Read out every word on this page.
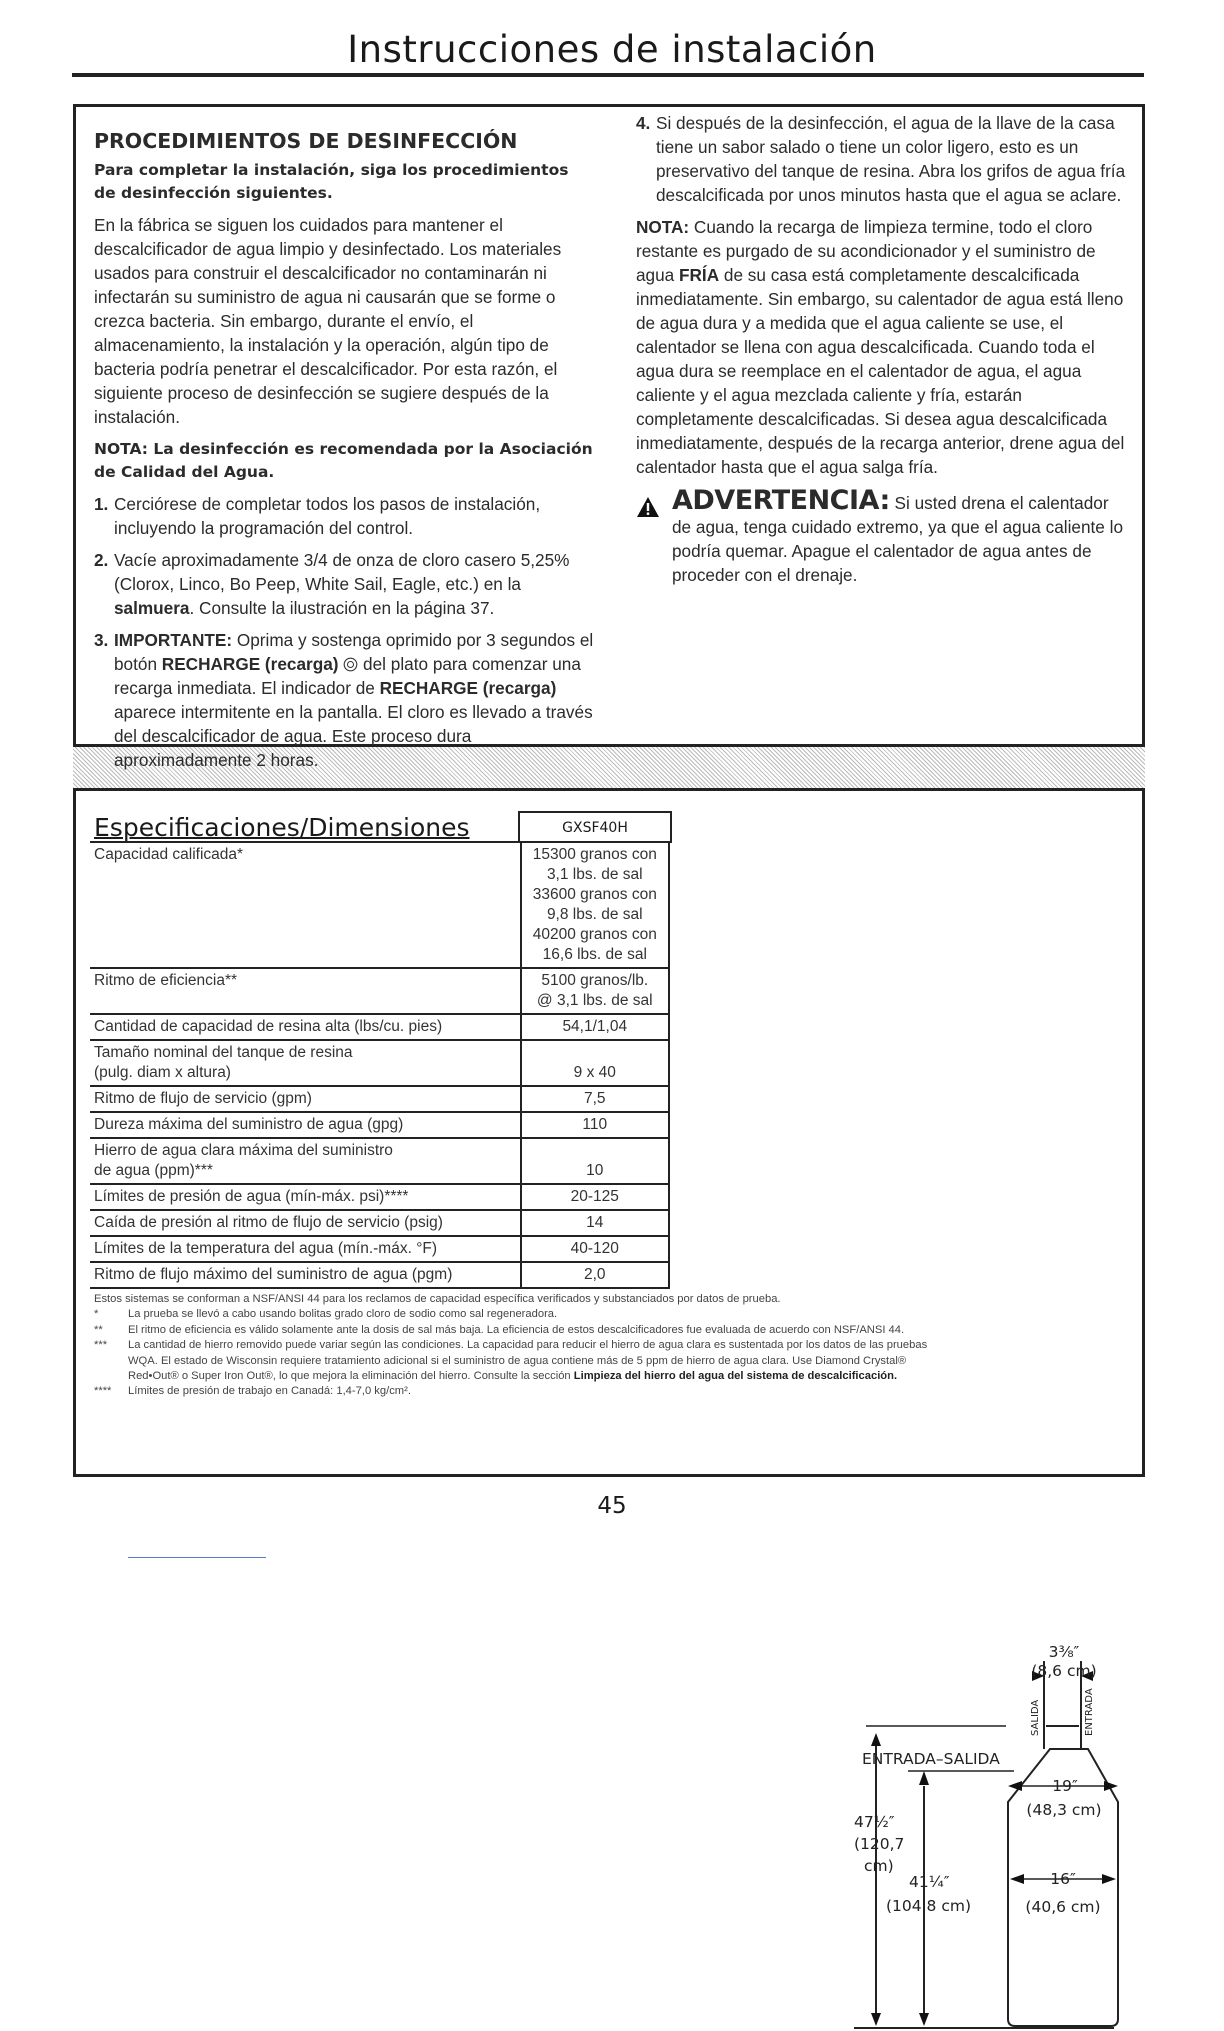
Instrucciones de instalación
PROCEDIMIENTOS DE DESINFECCIÓN
Para completar la instalación, siga los procedimientos de desinfección siguientes.

En la fábrica se siguen los cuidados para mantener el descalcificador de agua limpio y desinfectado. Los materiales usados para construir el descalcificador no contaminarán ni infectarán su suministro de agua ni causarán que se forme o crezca bacteria. Sin embargo, durante el envío, el almacenamiento, la instalación y la operación, algún tipo de bacteria podría penetrar el descalcificador. Por esta razón, el siguiente proceso de desinfección se sugiere después de la instalación.

NOTA: La desinfección es recomendada por la Asociación de Calidad del Agua.
1. Cerciórese de completar todos los pasos de instalación, incluyendo la programación del control.
2. Vacíe aproximadamente 3/4 de onza de cloro casero 5,25% (Clorox, Linco, Bo Peep, White Sail, Eagle, etc.) en la salmuera. Consulte la ilustración en la página 37.
3. IMPORTANTE: Oprima y sostenga oprimido por 3 segundos el botón RECHARGE (recarga)  del plato para comenzar una recarga inmediata. El indicador de RECHARGE (recarga) aparece intermitente en la pantalla. El cloro es llevado a través del descalcificador de agua. Este proceso dura aproximadamente 2 horas.
4. Si después de la desinfección, el agua de la llave de la casa tiene un sabor salado o tiene un color ligero, esto es un preservativo del tanque de resina. Abra los grifos de agua fría descalcificada por unos minutos hasta que el agua se aclare.

NOTA: Cuando la recarga de limpieza termine, todo el cloro restante es purgado de su acondicionador y el suministro de agua FRÍA de su casa está completamente descalcificada inmediatamente. Sin embargo, su calentador de agua está lleno de agua dura y a medida que el agua caliente se use, el calentador se llena con agua descalcificada. Cuando toda el agua dura se reemplace en el calentador de agua, el agua caliente y el agua mezclada caliente y fría, estarán completamente descalcificadas. Si desea agua descalcificada inmediatamente, después de la recarga anterior, drene agua del calentador hasta que el agua salga fría.

ADVERTENCIA: Si usted drena el calentador de agua, tenga cuidado extremo, ya que el agua caliente lo podría quemar. Apague el calentador de agua antes de proceder con el drenaje.
Especificaciones/Dimensiones	GXSF40H
Capacidad calificada*	15300 granos con
3,1 lbs. de sal
33600 granos con
9,8 lbs. de sal
40200 granos con
16,6 lbs. de sal
Ritmo de eficiencia**	5100 granos/lb.
@ 3,1 lbs. de sal
Cantidad de capacidad de resina alta (lbs/cu. pies)	54,1/1,04
Tamaño nominal del tanque de resina
(pulg. diam x altura)	9 x 40
Ritmo de flujo de servicio (gpm)	7,5
Dureza máxima del suministro de agua (gpg)	110
Hierro de agua clara máxima del suministro
de agua (ppm)***	10
Límites de presión de agua (mín-máx. psi)****	20-125
Caída de presión al ritmo de flujo de servicio (psig)	14
Límites de la temperatura del agua (mín.-máx. °F)	40-120
Ritmo de flujo máximo del suministro de agua (pgm)	2,0
3³⁄₈″
(8,6 cm)
SALIDA	ENTRADA
ENTRADA–SALIDA
19″
(48,3 cm)
47½″
(120,7
cm)
41¼″
(104,8 cm)
16″
(40,6 cm)
Estos sistemas se conforman a NSF/ANSI 44 para los reclamos de capacidad específica verificados y substanciados por datos de prueba.
*	La prueba se llevó a cabo usando bolitas grado cloro de sodio como sal regeneradora.
**	El ritmo de eficiencia es válido solamente ante la dosis de sal más baja. La eficiencia de estos descalcificadores fue evaluada de acuerdo con NSF/ANSI 44.
***	La cantidad de hierro removido puede variar según las condiciones. La capacidad para reducir el hierro de agua clara es sustentada por los datos de las pruebas WQA. El estado de Wisconsin requiere tratamiento adicional si el suministro de agua contiene más de 5 ppm de hierro de agua clara. Use Diamond Crystal® Red•Out® o Super Iron Out®, lo que mejora la eliminación del hierro. Consulte la sección Limpieza del hierro del agua del sistema de descalcificación.
****	Límites de presión de trabajo en Canadá: 1,4-7,0 kg/cm².
45
